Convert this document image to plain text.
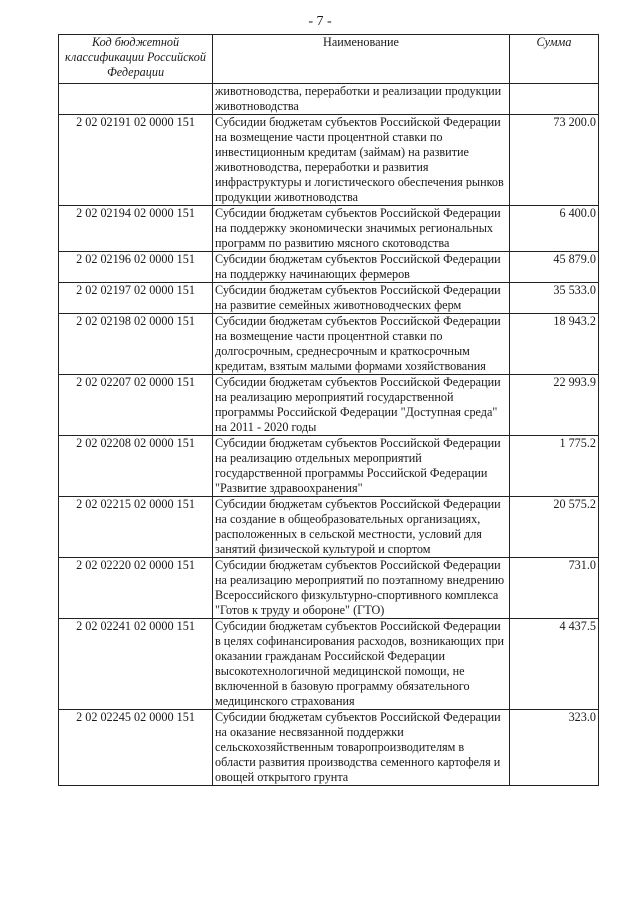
- 7 -
Код бюджетной классификации Российской Федерации	Наименование	Сумма
	животноводства, переработки и реализации продукции животноводства	
2 02 02191 02 0000 151	Субсидии бюджетам субъектов Российской Федерации на возмещение части процентной ставки по инвестиционным кредитам (займам) на развитие животноводства, переработки и развития инфраструктуры и логистического обеспечения рынков продукции животноводства	73 200.0
2 02 02194 02 0000 151	Субсидии бюджетам субъектов Российской Федерации на поддержку экономически значимых региональных программ по развитию мясного скотоводства	6 400.0
2 02 02196 02 0000 151	Субсидии бюджетам субъектов Российской Федерации на поддержку начинающих фермеров	45 879.0
2 02 02197 02 0000 151	Субсидии бюджетам субъектов Российской Федерации на развитие семейных животноводческих ферм	35 533.0
2 02 02198 02 0000 151	Субсидии бюджетам субъектов Российской Федерации на возмещение части процентной ставки по долгосрочным, среднесрочным и краткосрочным кредитам, взятым малыми формами хозяйствования	18 943.2
2 02 02207 02 0000 151	Субсидии бюджетам субъектов Российской Федерации на реализацию мероприятий государственной программы Российской Федерации "Доступная среда" на 2011 - 2020 годы	22 993.9
2 02 02208 02 0000 151	Субсидии бюджетам субъектов Российской Федерации на реализацию отдельных мероприятий государственной программы Российской Федерации "Развитие здравоохранения"	1 775.2
2 02 02215 02 0000 151	Субсидии бюджетам субъектов Российской Федерации на создание в общеобразовательных организациях, расположенных в сельской местности, условий для занятий физической культурой и спортом	20 575.2
2 02 02220 02 0000 151	Субсидии бюджетам субъектов Российской Федерации на реализацию мероприятий по поэтапному внедрению Всероссийского физкультурно-спортивного комплекса "Готов к труду и обороне" (ГТО)	731.0
2 02 02241 02 0000 151	Субсидии бюджетам субъектов Российской Федерации в целях софинансирования расходов, возникающих при оказании гражданам Российской Федерации высокотехнологичной медицинской помощи, не включенной в базовую программу обязательного медицинского страхования	4 437.5
2 02 02245 02 0000 151	Субсидии бюджетам субъектов Российской Федерации на оказание несвязанной поддержки сельскохозяйственным товаропроизводителям в области развития производства семенного картофеля и овощей открытого грунта	323.0
